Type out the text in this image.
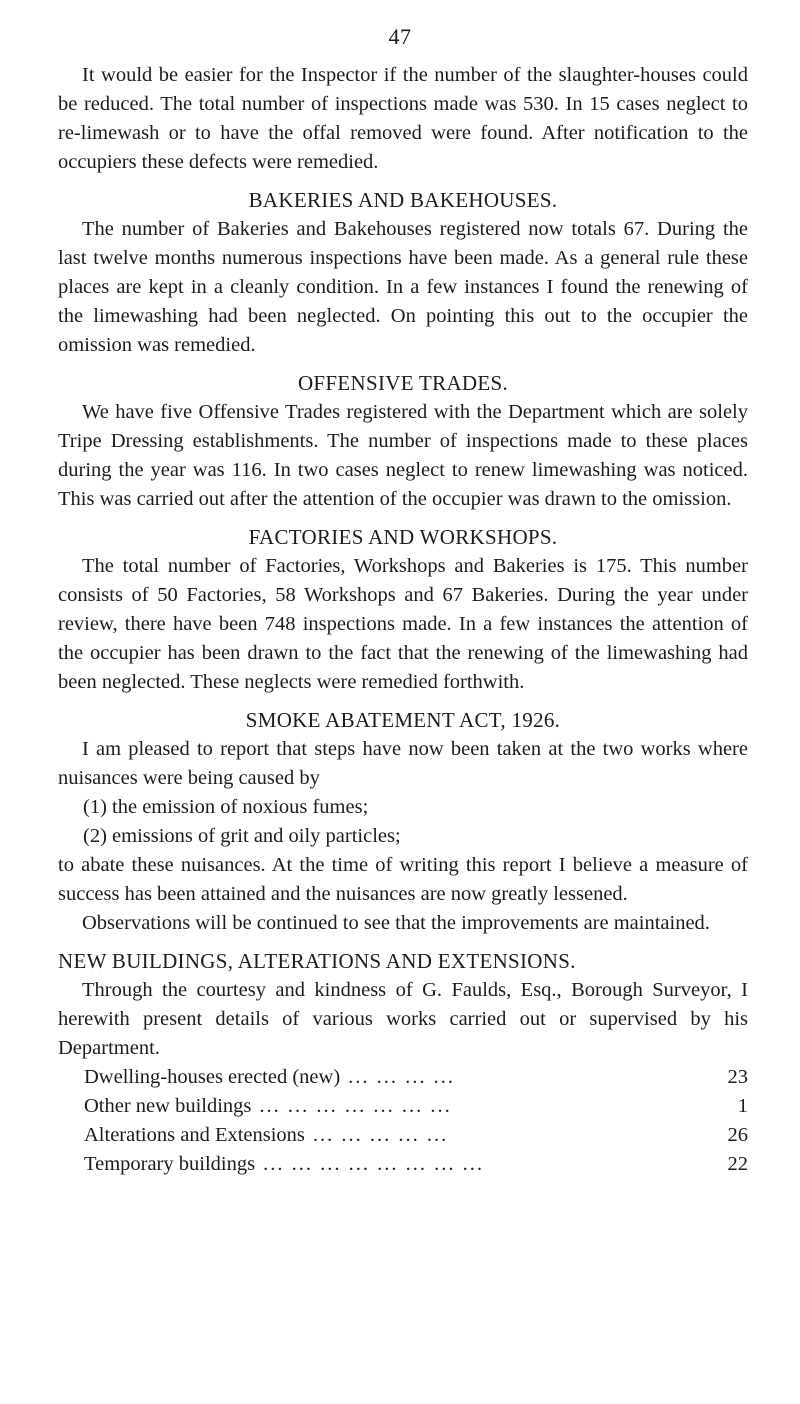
47

It would be easier for the Inspector if the number of the slaughter-houses could be reduced. The total number of inspections made was 530. In 15 cases neglect to re-limewash or to have the offal removed were found. After notification to the occupiers these defects were remedied.

BAKERIES AND BAKEHOUSES.

The number of Bakeries and Bakehouses registered now totals 67. During the last twelve months numerous inspections have been made. As a general rule these places are kept in a cleanly condition. In a few instances I found the renewing of the limewashing had been neglected. On pointing this out to the occupier the omission was remedied.

OFFENSIVE TRADES.

We have five Offensive Trades registered with the Department which are solely Tripe Dressing establishments. The number of inspections made to these places during the year was 116. In two cases neglect to renew limewashing was noticed. This was carried out after the attention of the occupier was drawn to the omission.

FACTORIES AND WORKSHOPS.

The total number of Factories, Workshops and Bakeries is 175. This number consists of 50 Factories, 58 Workshops and 67 Bakeries. During the year under review, there have been 748 inspections made. In a few instances the attention of the occupier has been drawn to the fact that the renewing of the limewashing had been neglected. These neglects were remedied forthwith.

SMOKE ABATEMENT ACT, 1926.

I am pleased to report that steps have now been taken at the two works where nuisances were being caused by

(1) the emission of noxious fumes;

(2) emissions of grit and oily particles;

to abate these nuisances. At the time of writing this report I believe a measure of success has been attained and the nuisances are now greatly lessened.

Observations will be continued to see that the improvements are maintained.

NEW BUILDINGS, ALTERATIONS AND EXTENSIONS.

Through the courtesy and kindness of G. Faulds, Esq., Borough Surveyor, I herewith present details of various works carried out or supervised by his Department.

Dwelling-houses erected (new) ... ... ... ...	23
Other new buildings ... ... ... ... ... ... ...	1
Alterations and Extensions ... ... ... ... ...	26
Temporary buildings ... ... ... ... ... ... ... ...	22
